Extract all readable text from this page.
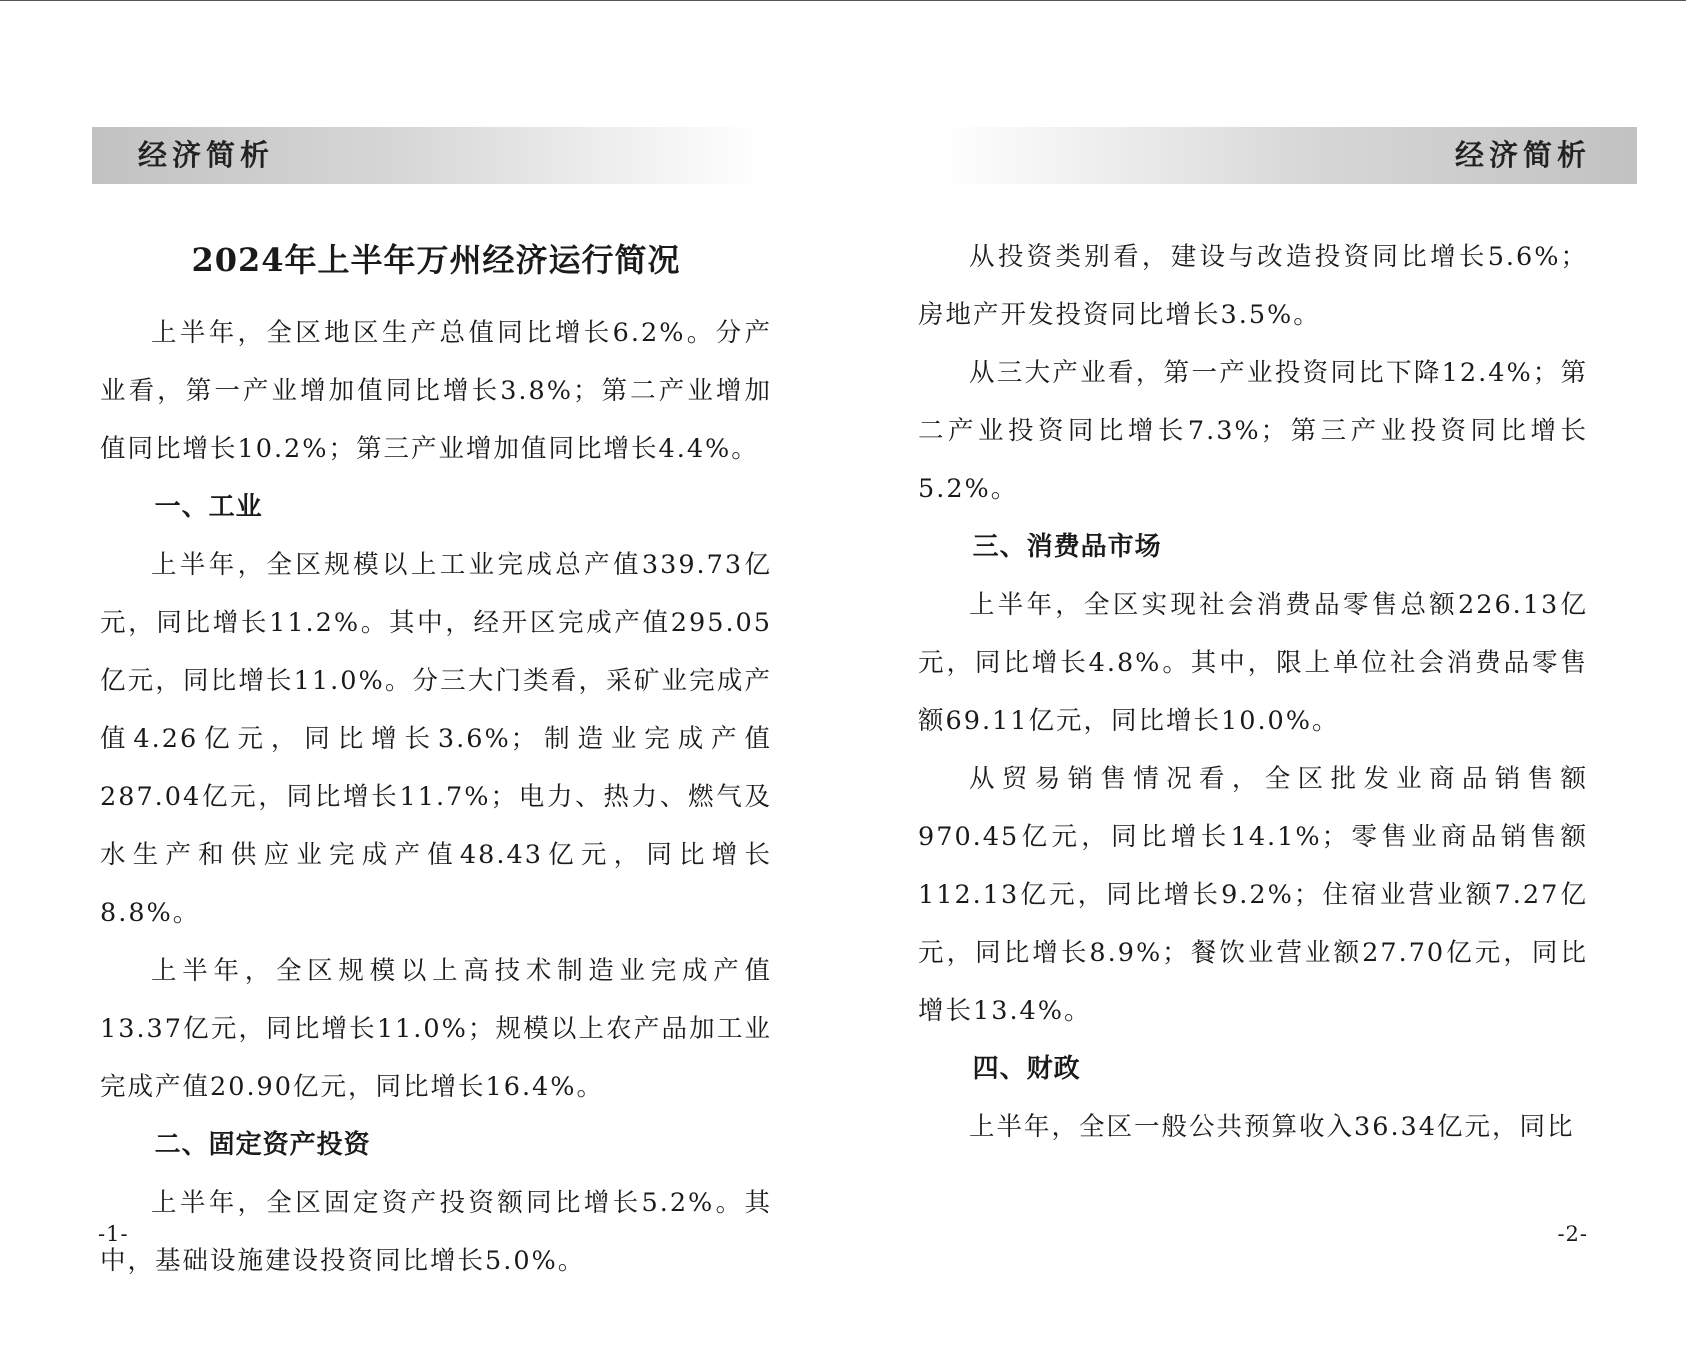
经济简析
2024年上半年万州经济运行简况

上半年，全区地区生产总值同比增长6.2%。分产业看，第一产业增加值同比增长3.8%；第二产业增加值同比增长10.2%；第三产业增加值同比增长4.4%。

一、工业

上半年，全区规模以上工业完成总产值339.73亿元，同比增长11.2%。其中，经开区完成产值295.05亿元，同比增长11.0%。分三大门类看，采矿业完成产值4.26亿元，同比增长3.6%；制造业完成产值287.04亿元，同比增长11.7%；电力、热力、燃气及水生产和供应业完成产值48.43亿元，同比增长8.8%。

上半年，全区规模以上高技术制造业完成产值13.37亿元，同比增长11.0%；规模以上农产品加工业完成产值20.90亿元，同比增长16.4%。

二、固定资产投资

上半年，全区固定资产投资额同比增长5.2%。其中，基础设施建设投资同比增长5.0%。

-1-
经济简析
-2-

从投资类别看，建设与改造投资同比增长5.6%；房地产开发投资同比增长3.5%。

从三大产业看，第一产业投资同比下降12.4%；第二产业投资同比增长7.3%；第三产业投资同比增长5.2%。

三、消费品市场

上半年，全区实现社会消费品零售总额226.13亿元，同比增长4.8%。其中，限上单位社会消费品零售额69.11亿元，同比增长10.0%。

从贸易销售情况看，全区批发业商品销售额970.45亿元，同比增长14.1%；零售业商品销售额112.13亿元，同比增长9.2%；住宿业营业额7.27亿元，同比增长8.9%；餐饮业营业额27.70亿元，同比增长13.4%。

四、财政

上半年，全区一般公共预算收入36.34亿元，同比
